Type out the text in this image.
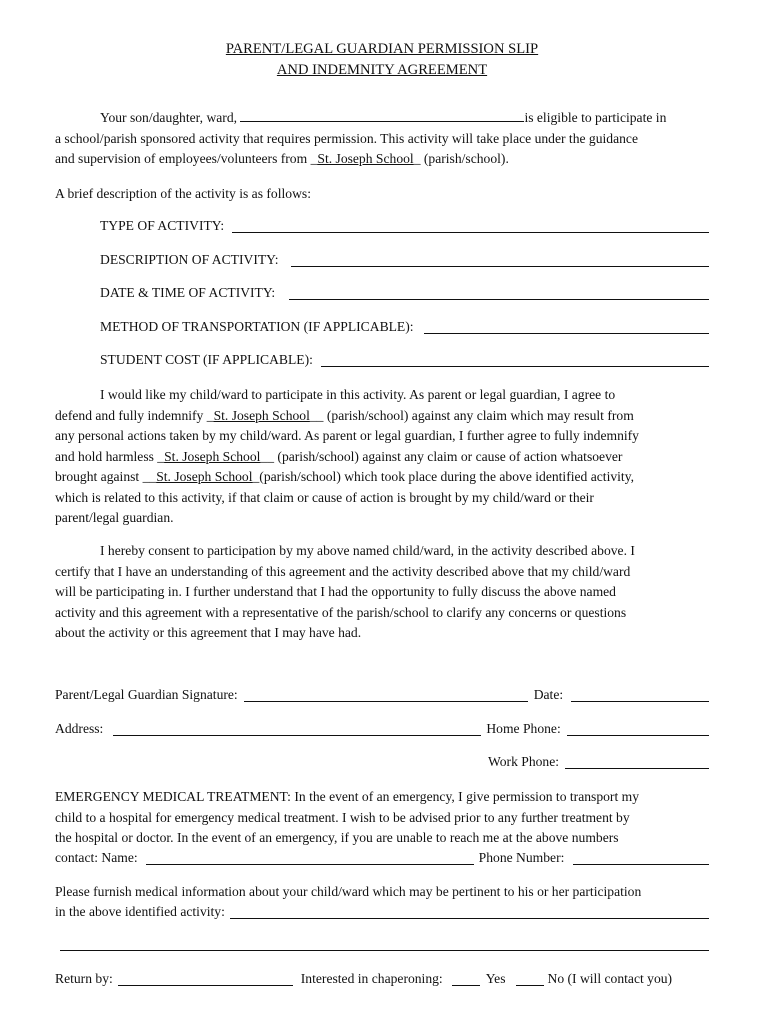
PARENT/LEGAL GUARDIAN PERMISSION SLIP
AND INDEMNITY AGREEMENT
Your son/daughter, ward,	is eligible to participate in
a school/parish sponsored activity that requires permission. This activity will take place under the guidance
and supervision of employees/volunteers from _St. Joseph School_ (parish/school).
A brief description of the activity is as follows:
TYPE OF ACTIVITY:
DESCRIPTION OF ACTIVITY:
DATE & TIME OF ACTIVITY:
METHOD OF TRANSPORTATION (IF APPLICABLE):
STUDENT COST (IF APPLICABLE):
I would like my child/ward to participate in this activity. As parent or legal guardian, I agree to
defend and fully indemnify _St. Joseph School__ (parish/school) against any claim which may result from
any personal actions taken by my child/ward. As parent or legal guardian, I further agree to fully indemnify
and hold harmless _St. Joseph School__ (parish/school) against any claim or cause of action whatsoever
brought against __St. Joseph School_(parish/school) which took place during the above identified activity,
which is related to this activity, if that claim or cause of action is brought by my child/ward or their
parent/legal guardian.
I hereby consent to participation by my above named child/ward, in the activity described above. I
certify that I have an understanding of this agreement and the activity described above that my child/ward
will be participating in. I further understand that I had the opportunity to fully discuss the above named
activity and this agreement with a representative of the parish/school to clarify any concerns or questions
about the activity or this agreement that I may have had.
Parent/Legal Guardian Signature:	Date:
Address:	Home Phone:
Work Phone:
EMERGENCY MEDICAL TREATMENT: In the event of an emergency, I give permission to transport my
child to a hospital for emergency medical treatment. I wish to be advised prior to any further treatment by
the hospital or doctor. In the event of an emergency, if you are unable to reach me at the above numbers
contact: Name:	Phone Number:
Please furnish medical information about your child/ward which may be pertinent to his or her participation
in the above identified activity:
Return by:	Interested in chaperoning:	Yes	No (I will contact you)
